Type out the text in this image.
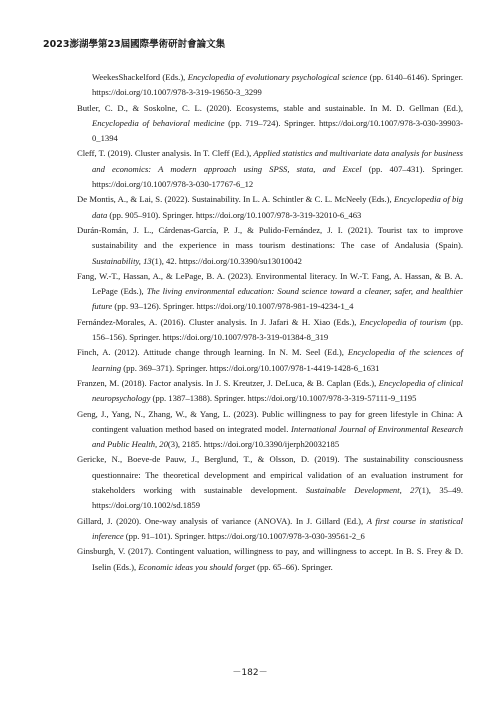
2023澎湖學第23屆國際學術研討會論文集

WeekesShackelford (Eds.), Encyclopedia of evolutionary psychological science (pp. 6140–6146). Springer. https://doi.org/10.1007/978-3-319-19650-3_3299

Butler, C. D., & Soskolne, C. L. (2020). Ecosystems, stable and sustainable. In M. D. Gellman (Ed.), Encyclopedia of behavioral medicine (pp. 719–724). Springer. https://doi.org/10.1007/978-3-030-39903-0_1394

Cleff, T. (2019). Cluster analysis. In T. Cleff (Ed.), Applied statistics and multivariate data analysis for business and economics: A modern approach using SPSS, stata, and Excel (pp. 407–431). Springer. https://doi.org/10.1007/978-3-030-17767-6_12

De Montis, A., & Lai, S. (2022). Sustainability. In L. A. Schintler & C. L. McNeely (Eds.), Encyclopedia of big data (pp. 905–910). Springer. https://doi.org/10.1007/978-3-319-32010-6_463

Durán-Román, J. L., Cárdenas-García, P. J., & Pulido-Fernández, J. I. (2021). Tourist tax to improve sustainability and the experience in mass tourism destinations: The case of Andalusia (Spain). Sustainability, 13(1), 42. https://doi.org/10.3390/su13010042

Fang, W.-T., Hassan, A., & LePage, B. A. (2023). Environmental literacy. In W.-T. Fang, A. Hassan, & B. A. LePage (Eds.), The living environmental education: Sound science toward a cleaner, safer, and healthier future (pp. 93–126). Springer. https://doi.org/10.1007/978-981-19-4234-1_4

Fernández-Morales, A. (2016). Cluster analysis. In J. Jafari & H. Xiao (Eds.), Encyclopedia of tourism (pp. 156–156). Springer. https://doi.org/10.1007/978-3-319-01384-8_319

Finch, A. (2012). Attitude change through learning. In N. M. Seel (Ed.), Encyclopedia of the sciences of learning (pp. 369–371). Springer. https://doi.org/10.1007/978-1-4419-1428-6_1631

Franzen, M. (2018). Factor analysis. In J. S. Kreutzer, J. DeLuca, & B. Caplan (Eds.), Encyclopedia of clinical neuropsychology (pp. 1387–1388). Springer. https://doi.org/10.1007/978-3-319-57111-9_1195

Geng, J., Yang, N., Zhang, W., & Yang, L. (2023). Public willingness to pay for green lifestyle in China: A contingent valuation method based on integrated model. International Journal of Environmental Research and Public Health, 20(3), 2185. https://doi.org/10.3390/ijerph20032185

Gericke, N., Boeve-de Pauw, J., Berglund, T., & Olsson, D. (2019). The sustainability consciousness questionnaire: The theoretical development and empirical validation of an evaluation instrument for stakeholders working with sustainable development. Sustainable Development, 27(1), 35–49. https://doi.org/10.1002/sd.1859

Gillard, J. (2020). One-way analysis of variance (ANOVA). In J. Gillard (Ed.), A first course in statistical inference (pp. 91–101). Springer. https://doi.org/10.1007/978-3-030-39561-2_6

Ginsburgh, V. (2017). Contingent valuation, willingness to pay, and willingness to accept. In B. S. Frey & D. Iselin (Eds.), Economic ideas you should forget (pp. 65–66). Springer.

－182－
